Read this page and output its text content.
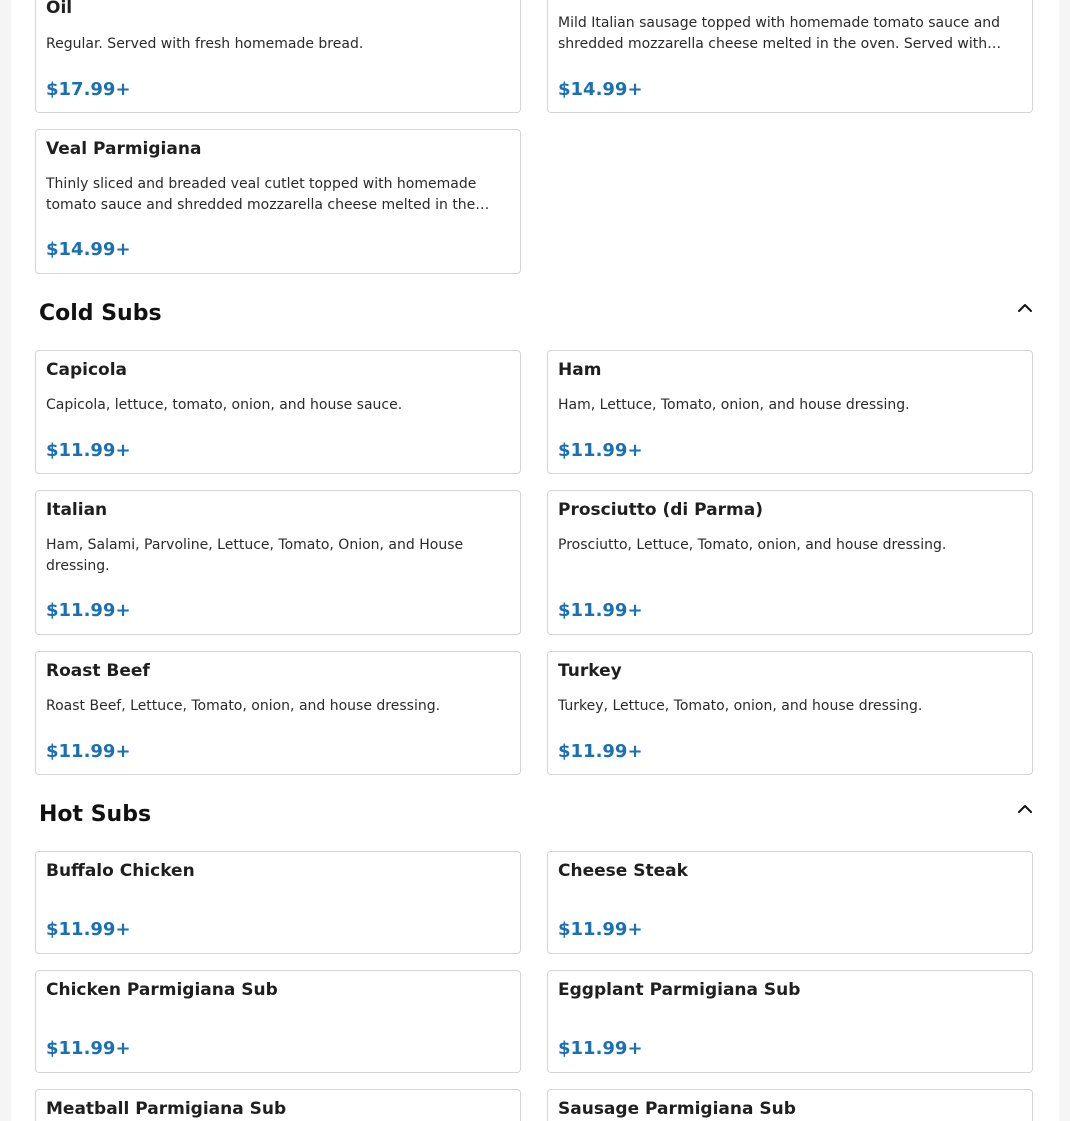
Oil
Regular. Served with fresh homemade bread.
$17.99+
Mild Italian sausage topped with homemade tomato sauce and shredded mozzarella cheese melted in the oven. Served with…
$14.99+
Veal Parmigiana
Thinly sliced and breaded veal cutlet topped with homemade tomato sauce and shredded mozzarella cheese melted in the…
$14.99+
Cold Subs
Capicola
Capicola, lettuce, tomato, onion, and house sauce.
$11.99+
Ham
Ham, Lettuce, Tomato, onion, and house dressing.
$11.99+
Italian
Ham, Salami, Parvoline, Lettuce, Tomato, Onion, and House dressing.
$11.99+
Prosciutto (di Parma)
Prosciutto, Lettuce, Tomato, onion, and house dressing.
$11.99+
Roast Beef
Roast Beef, Lettuce, Tomato, onion, and house dressing.
$11.99+
Turkey
Turkey, Lettuce, Tomato, onion, and house dressing.
$11.99+
Hot Subs
Buffalo Chicken
$11.99+
Cheese Steak
$11.99+
Chicken Parmigiana Sub
$11.99+
Eggplant Parmigiana Sub
$11.99+
Meatball Parmigiana Sub	Sausage Parmigiana Sub
